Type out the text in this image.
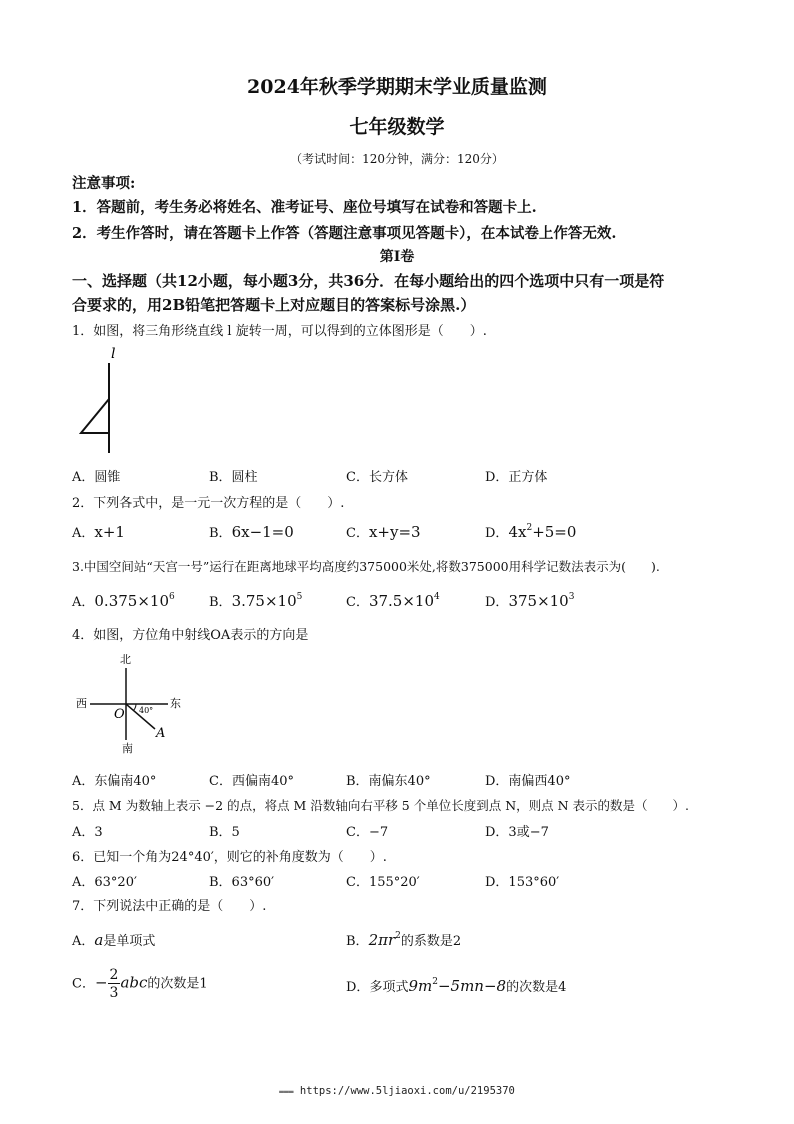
2024年秋季学期期末学业质量监测
七年级数学
（考试时间：120分钟，满分：120分）
注意事项:
1．答题前，考生务必将姓名、准考证号、座位号填写在试卷和答题卡上.
2．考生作答时，请在答题卡上作答（答题注意事项见答题卡），在本试卷上作答无效.
第Ⅰ卷
一、选择题（共12小题，每小题3分，共36分．在每小题给出的四个选项中只有一项是符
合要求的，用2B铅笔把答题卡上对应题目的答案标号涂黑.）
1．如图，将三角形绕直线 l 旋转一周，可以得到的立体图形是（　　）.
l
A．圆锥	B．圆柱	C．长方体	D．正方体
2．下列各式中，是一元一次方程的是（　　）.
A．x+1	B．6x−1=0	C．x+y=3	D．$4x^2+5=0$
3.中国空间站“天宫一号”运行在距离地球平均高度约375000米处,将数375000用科学记数法表示为(　　).
A．$0.375\times 10^6$	B．$3.75\times 10^5$	C．$37.5\times 10^4$	D．$375\times 10^3$
4．如图，方位角中射线OA表示的方向是
北
西	东
南
O
A
40°
A．东偏南40°	C．西偏南40°	B．南偏东40°	D．南偏西40°
5．点 M 为数轴上表示 −2 的点，将点 M 沿数轴向右平移 5 个单位长度到点 N，则点 N 表示的数是（　　）.
A．3	B．5	C．−7	D．3或−7
6．已知一个角为24°40′，则它的补角度数为（　　）.
A．63°20′	B．63°60′	C．155°20′	D．153°60′
7．下列说法中正确的是（　　）.
A．a是单项式	B．$2\pi r^2$的系数是2
C．− $\frac{2}{3}$ abc的次数是1	D．多项式$9m^2-5mn-8$的次数是4
▬▬▬ https://www.5ljiaoxi.com/u/2195370
